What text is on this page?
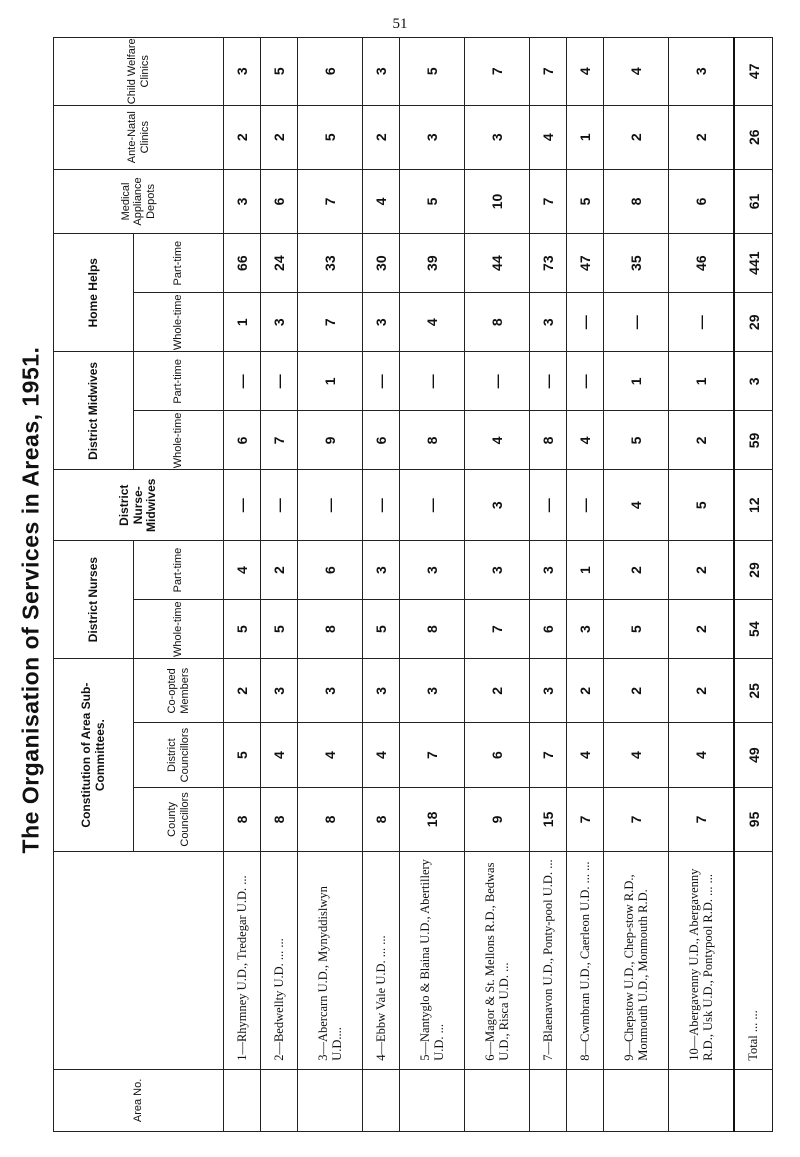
51
The Organisation of Services in Areas, 1951.
Area No.		Constitution of Area Sub-Committees.			District Nurses		District Nurse-Midwives	District Midwives		Home Helps		Medical Appliance Depots	Ante-Natal Clinics	Child Welfare Clinics
		County Councillors	District Councillors	Co-opted Members	Whole-time	Part-time		Whole-time	Part-time	Whole-time	Part-time			
	1—Rhymney U.D., Tredegar U.D. ...	8	5	2	5	4	—	6	—	1	66	3	2	3
	2—Bedwellty U.D. ... ...	8	4	3	5	2	—	7	—	3	24	6	2	5
	3—Abercarn U.D., Mynyddislwyn U.D....	8	4	3	8	6	—	9	1	7	33	7	5	6
	4—Ebbw Vale U.D. ... ...	8	4	3	5	3	—	6	—	3	30	4	2	3
	5—Nantyglo & Blaina U.D., Abertillery U.D. ...	18	7	3	8	3	—	8	—	4	39	5	3	5
	6—Magor & St. Mellons R.D., Bedwas U.D., Risca U.D. ...	9	6	2	7	3	3	4	—	8	44	10	3	7
	7—Blaenavon U.D., Ponty-pool U.D. ...	15	7	3	6	3	—	8	—	3	73	7	4	7
	8—Cwmbran U.D., Caerleon U.D. ... ...	7	4	2	3	1	—	4	—	—	47	5	1	4
	9—Chepstow U.D., Chep-stow R.D., Monmouth U.D., Monmouth R.D.	7	4	2	5	2	4	5	1	—	35	8	2	4
	10—Abergavenny U.D., Abergavenny R.D., Usk U.D., Pontypool R.D. ... ...	7	4	2	2	2	5	2	1	—	46	6	2	3
	Total ... ...	95	49	25	54	29	12	59	3	29	441	61	26	47
